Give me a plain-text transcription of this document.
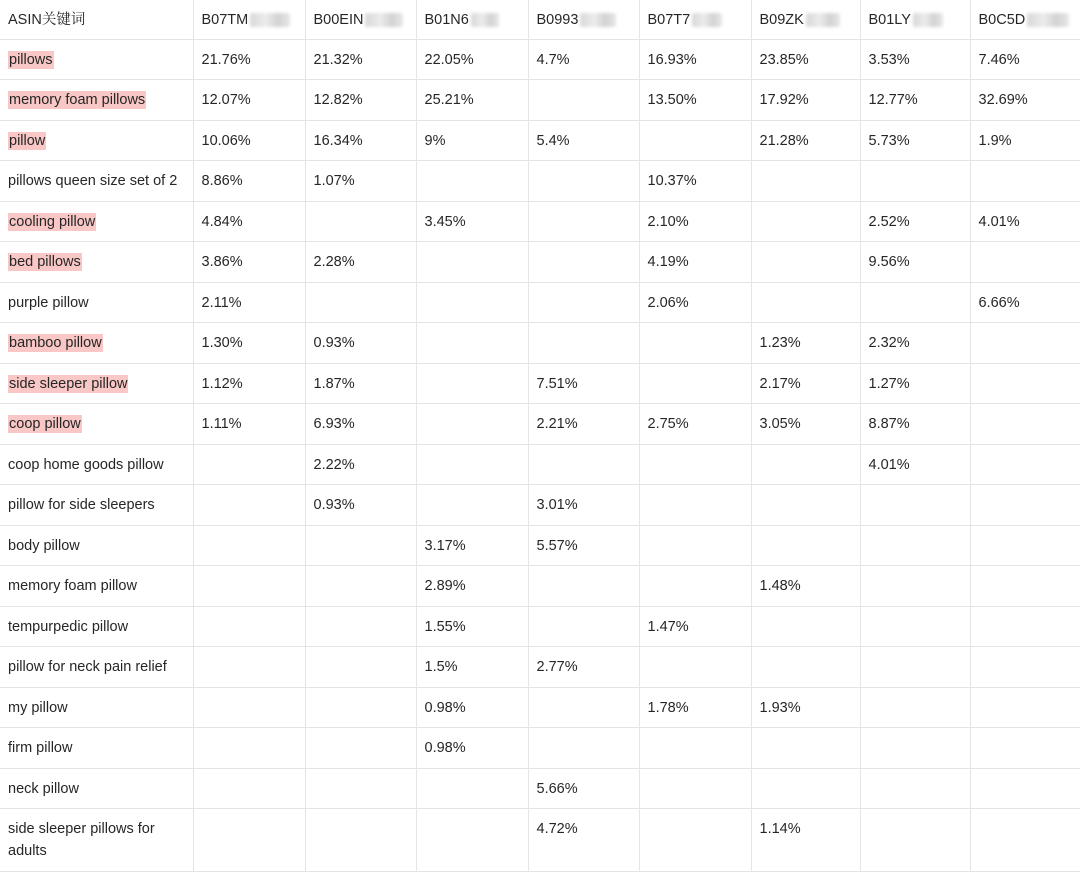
ASIN关键词	B07TM	B00EIN	B01N6	B0993	B07T7	B09ZK	B01LY	B0C5D

pillows	21.76%	21.32%	22.05%	4.7%	16.93%	23.85%	3.53%	7.46%
memory foam pillows	12.07%	12.82%	25.21%		13.50%	17.92%	12.77%	32.69%
pillow	10.06%	16.34%	9%	5.4%		21.28%	5.73%	1.9%
pillows queen size set of 2	8.86%	1.07%			10.37%			
cooling pillow	4.84%		3.45%		2.10%		2.52%	4.01%
bed pillows	3.86%	2.28%			4.19%		9.56%	
purple pillow	2.11%				2.06%			6.66%
bamboo pillow	1.30%	0.93%				1.23%	2.32%	
side sleeper pillow	1.12%	1.87%		7.51%		2.17%	1.27%	
coop pillow	1.11%	6.93%		2.21%	2.75%	3.05%	8.87%	
coop home goods pillow		2.22%					4.01%	
pillow for side sleepers		0.93%		3.01%				
body pillow			3.17%	5.57%				
memory foam pillow			2.89%			1.48%		
tempurpedic pillow			1.55%		1.47%			
pillow for neck pain relief			1.5%	2.77%				
my pillow			0.98%		1.78%	1.93%		
firm pillow			0.98%					
neck pillow				5.66%				
side sleeper pillows for adults				4.72%		1.14%		
